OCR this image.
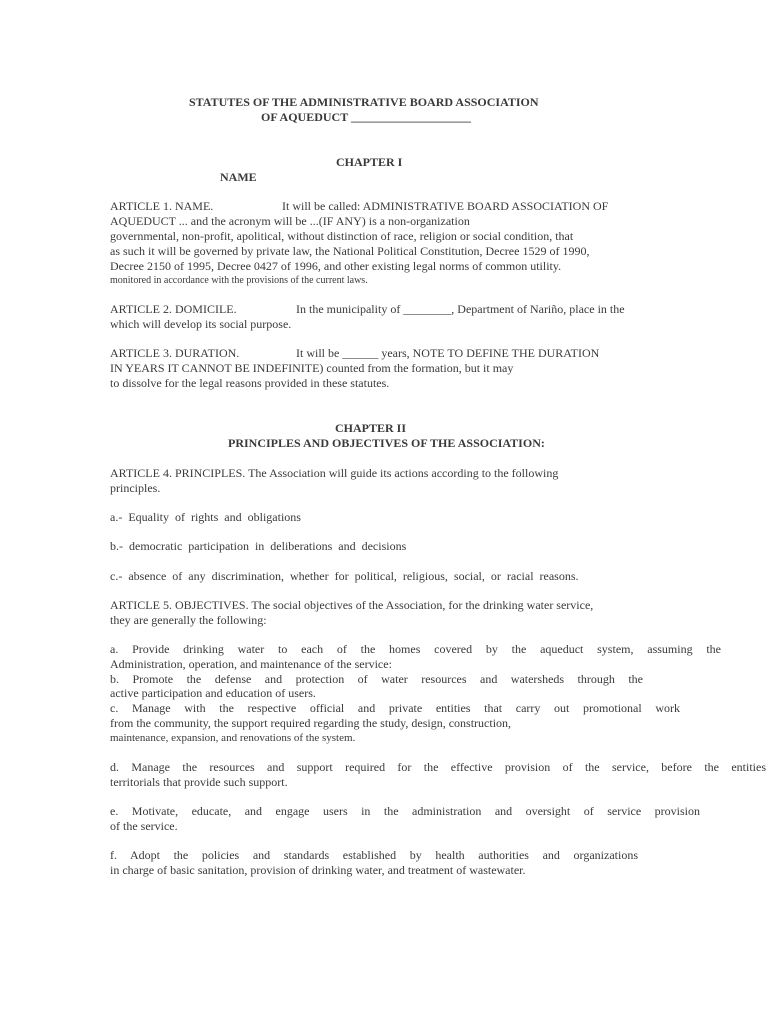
STATUTES OF THE ADMINISTRATIVE BOARD ASSOCIATION
OF AQUEDUCT ____________________
CHAPTER I
NAME
ARTICLE 1. NAME.	It will be called: ADMINISTRATIVE BOARD ASSOCIATION OF
AQUEDUCT ... and the acronym will be ...(IF ANY) is a non-organization
governmental, non-profit, apolitical, without distinction of race, religion or social condition, that
as such it will be governed by private law, the National Political Constitution, Decree 1529 of 1990,
Decree 2150 of 1995, Decree 0427 of 1996, and other existing legal norms of common utility.
monitored in accordance with the provisions of the current laws.
ARTICLE 2. DOMICILE.	In the municipality of ________, Department of Nariño, place in the
which will develop its social purpose.
ARTICLE 3. DURATION.	It will be ______ years, NOTE TO DEFINE THE DURATION
IN YEARS IT CANNOT BE INDEFINITE) counted from the formation, but it may
to dissolve for the legal reasons provided in these statutes.
CHAPTER II
PRINCIPLES AND OBJECTIVES OF THE ASSOCIATION:
ARTICLE 4. PRINCIPLES. The Association will guide its actions according to the following
principles.
a.-  Equality  of  rights  and  obligations
b.-  democratic  participation  in  deliberations  and  decisions
c.-  absence  of  any  discrimination,  whether  for  political,  religious,  social,  or  racial  reasons.
ARTICLE 5. OBJECTIVES. The social objectives of the Association, for the drinking water service,
they are generally the following:
a. Provide drinking water to each of the homes covered by the aqueduct system, assuming the
Administration, operation, and maintenance of the service:
b. Promote the defense and protection of water resources and watersheds through the
active participation and education of users.
c. Manage with the respective official and private entities that carry out promotional work
from the community, the support required regarding the study, design, construction,
maintenance, expansion, and renovations of the system.
d. Manage the resources and support required for the effective provision of the service, before the entities
territorials that provide such support.
e. Motivate, educate, and engage users in the administration and oversight of service provision
of the service.
f. Adopt the policies and standards established by health authorities and organizations
in charge of basic sanitation, provision of drinking water, and treatment of wastewater.
